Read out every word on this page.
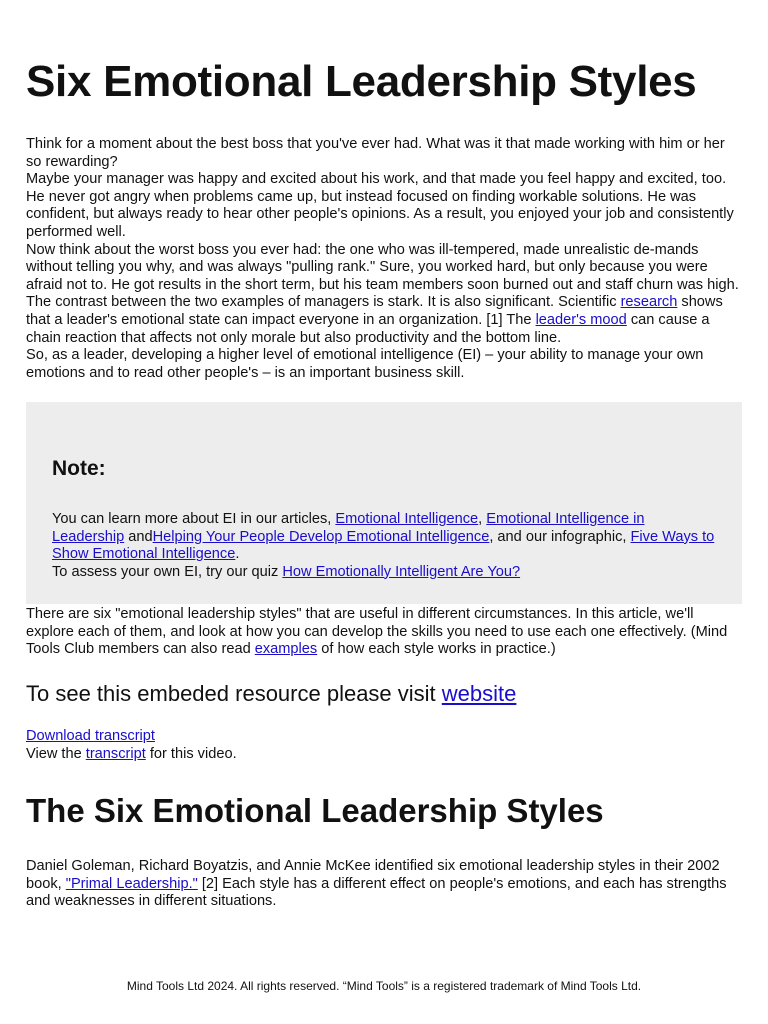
Six Emotional Leadership Styles

Think for a moment about the best boss that you've ever had. What was it that made working with him or her so rewarding?

Maybe your manager was happy and excited about his work, and that made you feel happy and excited, too. He never got angry when problems came up, but instead focused on finding workable solutions. He was confident, but always ready to hear other people's opinions. As a result, you enjoyed your job and consistently performed well.

Now think about the worst boss you ever had: the one who was ill-tempered, made unrealistic de-mands without telling you why, and was always "pulling rank." Sure, you worked hard, but only because you were afraid not to. He got results in the short term, but his team members soon burned out and staff churn was high.

The contrast between the two examples of managers is stark. It is also significant. Scientific research shows that a leader's emotional state can impact everyone in an organization. [1] The leader's mood can cause a chain reaction that affects not only morale but also productivity and the bottom line.

So, as a leader, developing a higher level of emotional intelligence (EI) – your ability to manage your own emotions and to read other people's – is an important business skill.

Note:

You can learn more about EI in our articles, Emotional Intelligence, Emotional Intelligence in Leadership andHelping Your People Develop Emotional Intelligence, and our infographic, Five Ways to Show Emotional Intelligence.

To assess your own EI, try our quiz How Emotionally Intelligent Are You?

There are six "emotional leadership styles" that are useful in different circumstances. In this article, we'll explore each of them, and look at how you can develop the skills you need to use each one effectively. (Mind Tools Club members can also read examples of how each style works in practice.)

To see this embeded resource please visit website

Download transcript

View the transcript for this video.

The Six Emotional Leadership Styles

Daniel Goleman, Richard Boyatzis, and Annie McKee identified six emotional leadership styles in their 2002 book, "Primal Leadership." [2] Each style has a different effect on people's emotions, and each has strengths and weaknesses in different situations.

Mind Tools Ltd 2024. All rights reserved. “Mind Tools” is a registered trademark of Mind Tools Ltd.
